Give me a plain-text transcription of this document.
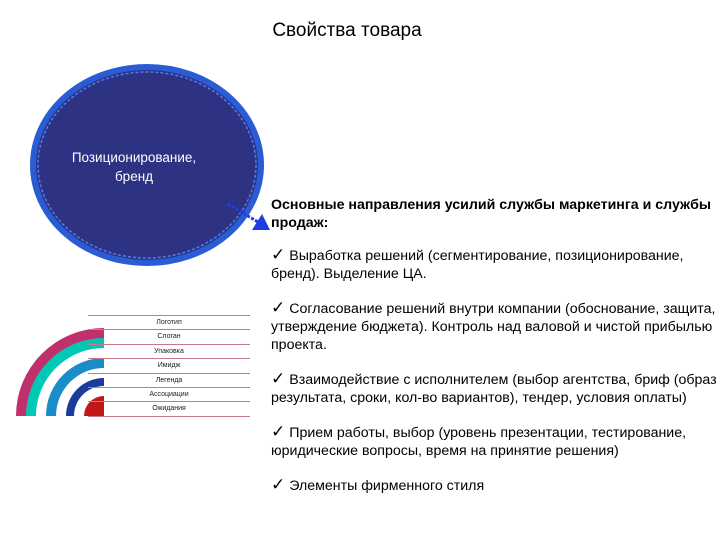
Свойства товара
Позиционирование,
бренд
Основные направления усилий службы маркетинга и службы продаж:
✓ Выработка решений (сегментирование, позиционирование, бренд). Выделение ЦА.
✓ Согласование решений внутри компании (обоснование, защита, утверждение бюджета). Контроль над валовой и чистой прибылью проекта.
✓ Взаимодействие с исполнителем (выбор агентства, бриф (образ результата, сроки, кол-во вариантов), тендер, условия оплаты)
✓ Прием работы, выбор (уровень презентации, тестирование, юридические вопросы, время на принятие решения)
✓ Элементы фирменного стиля
Логотип
Слоган
Упаковка
Имидж
Легенда
Ассоциации
Ожидания
